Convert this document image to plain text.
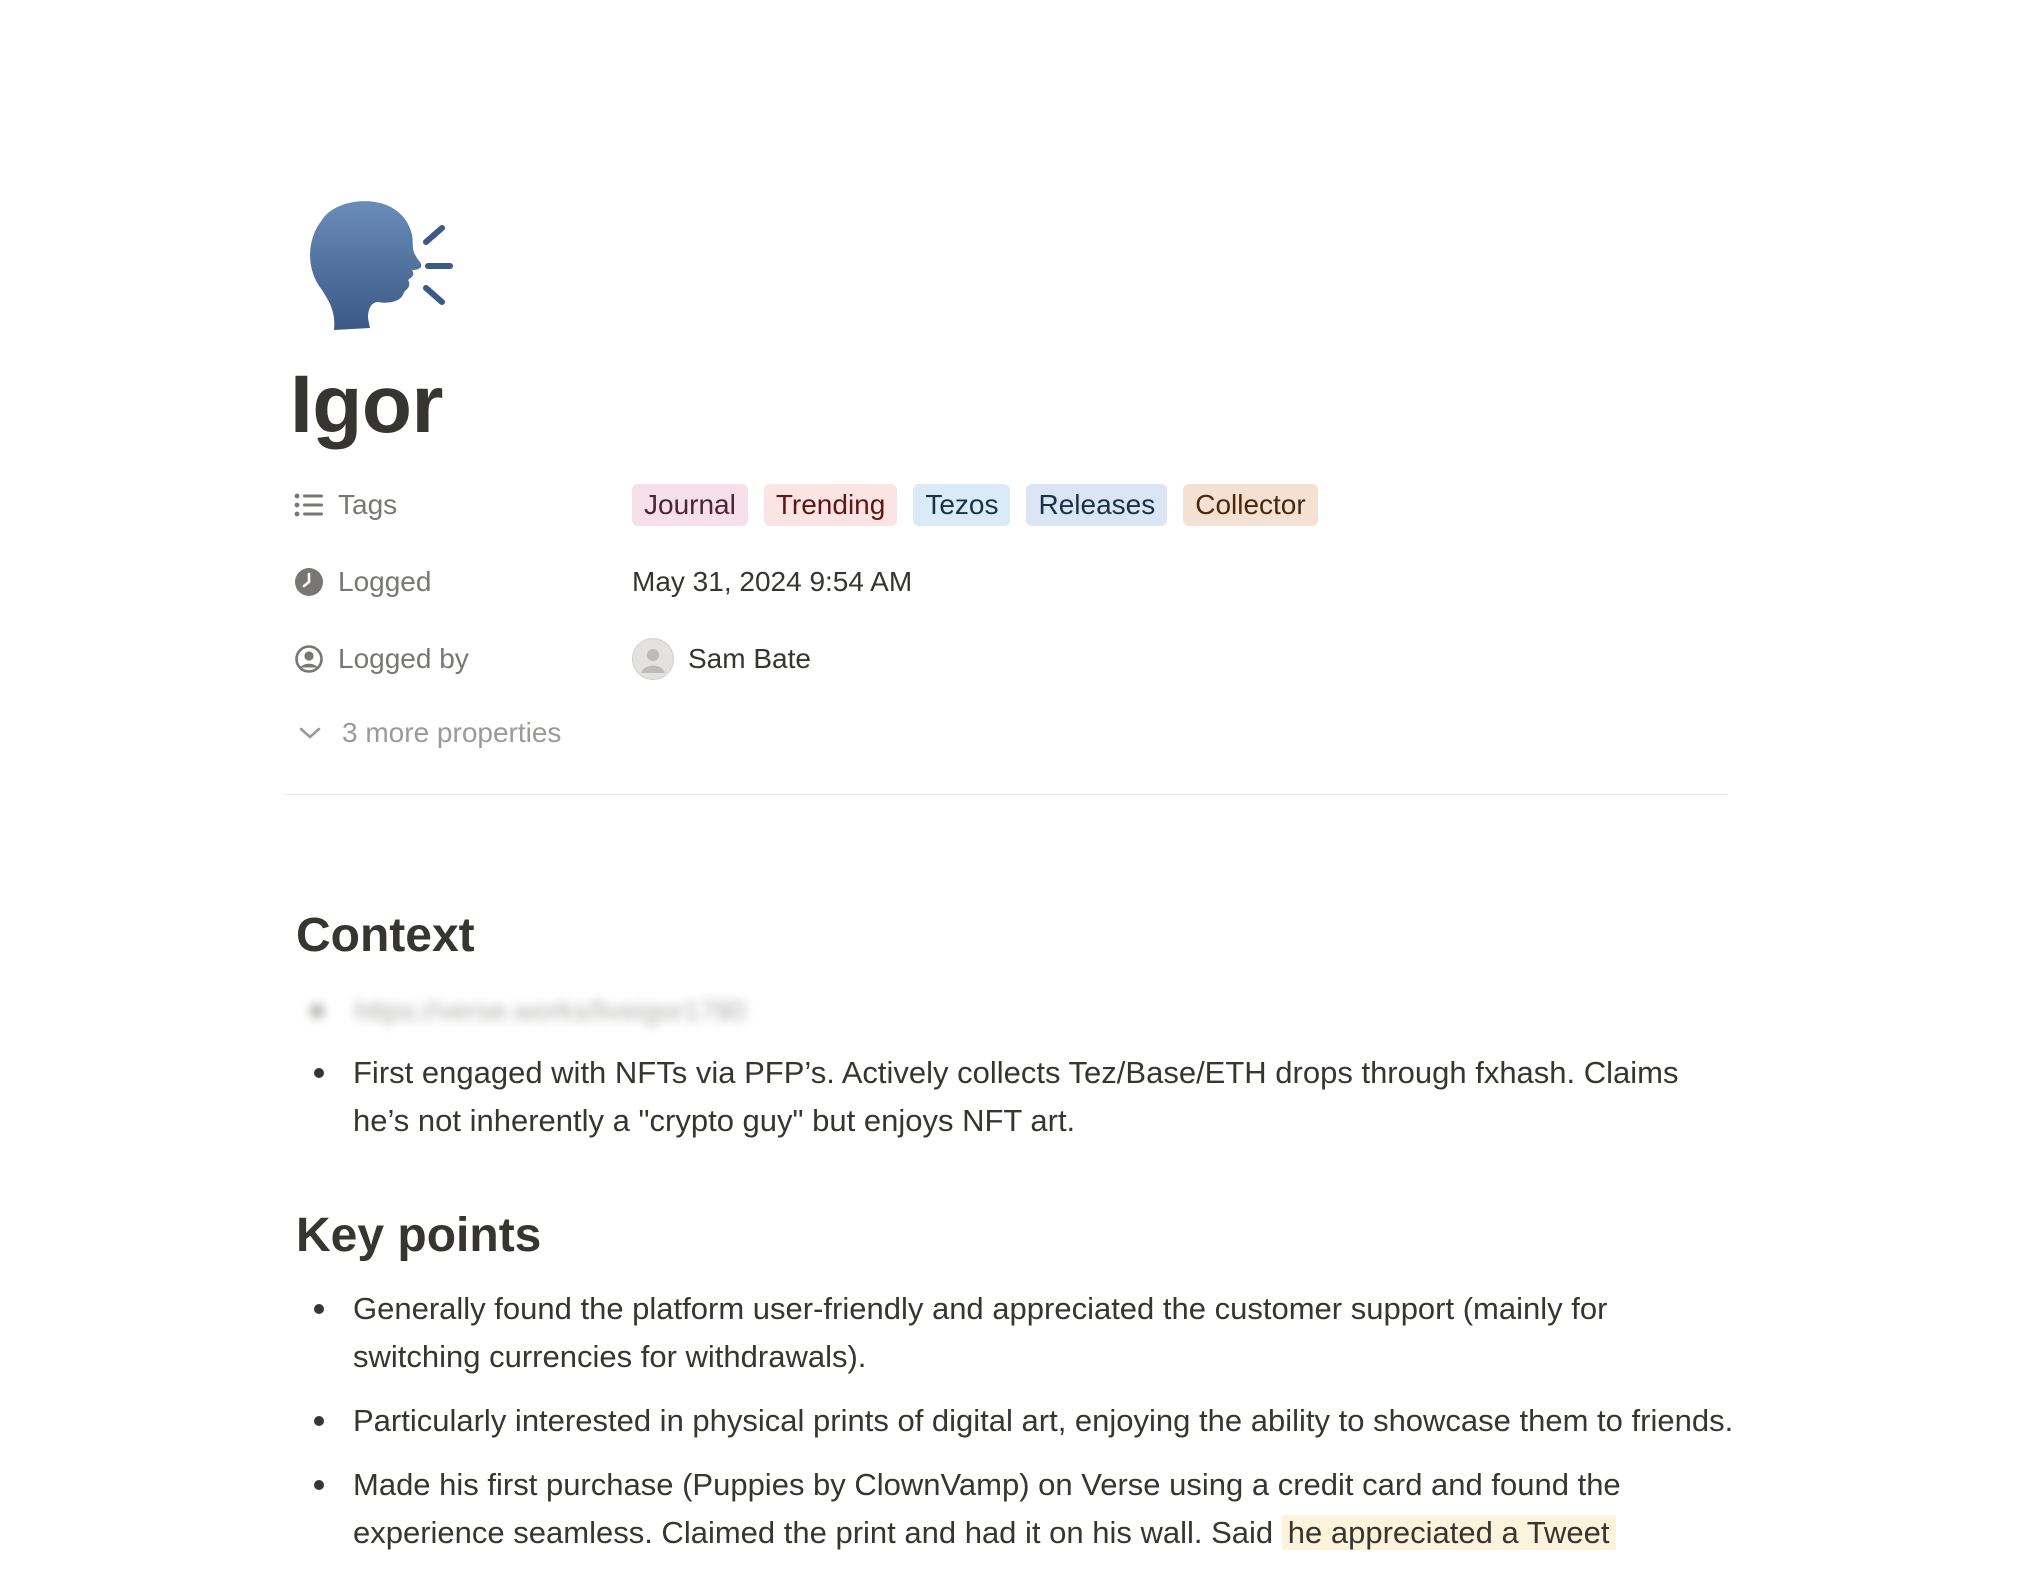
Igor
Tags	Journal	Trending	Tezos	Releases	Collector
Logged	May 31, 2024 9:54 AM
Logged by	Sam Bate
3 more properties
Context
https://verse.works/liveigor1780
First engaged with NFTs via PFP’s. Actively collects Tez/Base/ETH drops through fxhash. Claims he’s not inherently a "crypto guy" but enjoys NFT art.
Key points
Generally found the platform user-friendly and appreciated the customer support (mainly for switching currencies for withdrawals).
Particularly interested in physical prints of digital art, enjoying the ability to showcase them to friends.
Made his first purchase (Puppies by ClownVamp) on Verse using a credit card and found the experience seamless. Claimed the print and had it on his wall. Said he appreciated a Tweet
